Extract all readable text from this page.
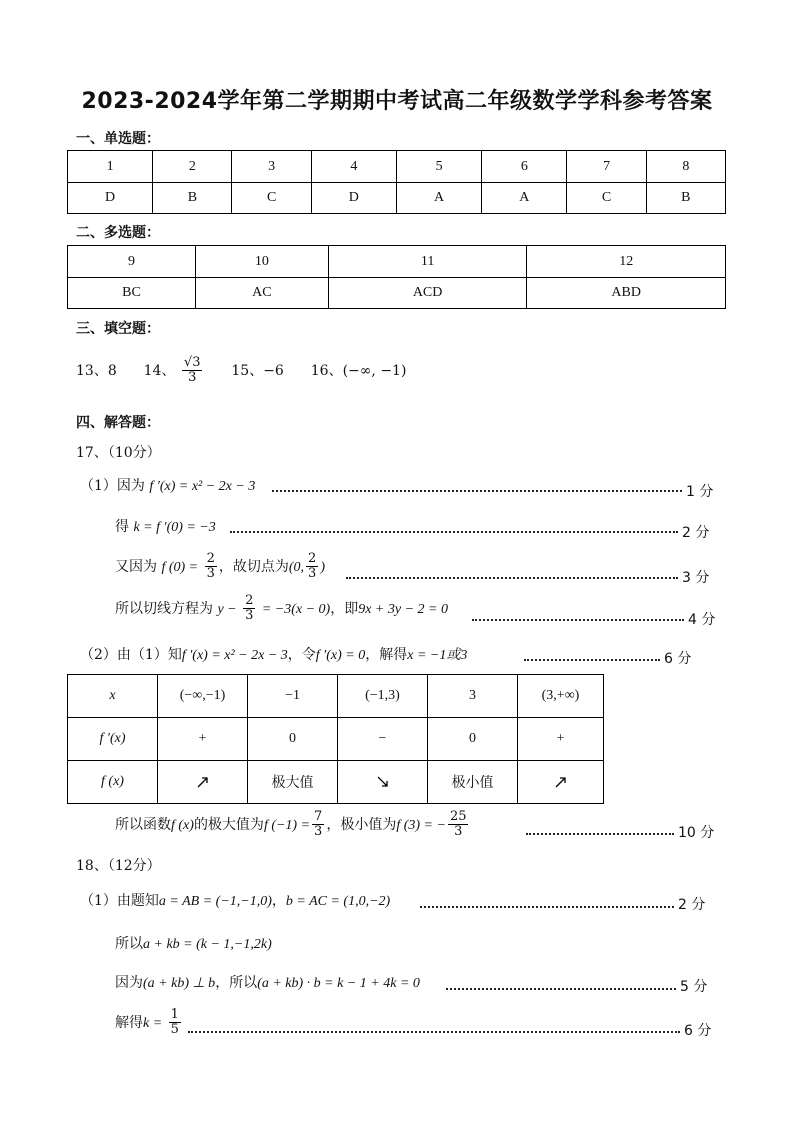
2023-2024学年第二学期期中考试高二年级数学学科参考答案
一、单选题：
1	2	3	4	5	6	7	8
D	B	C	D	A	A	C	B
二、多选题：
9	10	11	12
BC	AC	ACD	ABD
三、填空题：
13、8 14、 $\frac{√3}{3} 15$、−6 16、(−∞, −1)
四、解答题：
17、（10分）
（1）因为 f ′(x) = x² − 2x − 3	1 分
得 k = f ′(0) = −3	2 分
又因为 f $(0) = \frac{2}{3}$ ，故切点为(0, $\frac{2}{3}$ )
3 分
所以切线方程为 $y - \frac{2}{3} = -3(x - 0)$，即9x + 3y − 2 = 0
4 分
（2）由（1）知f ′(x) = x² − 2x − 3，令f ′(x) = 0，解得x = −1或3	6 分
x	(−∞,−1)	−1	(−1,3)	3	(3,+∞)
f ′(x)	+	0	−	0	+
f (x)		极大值		极小值	
所以函数f (x)的极大值为f $(-1) = \frac{7}{3}$ ，极小值为f (3) = − $\frac{25}{3}$	10 分
18、（12分）
（1）由题知a = AB = (−1,−1,0)，b = AC = (1,0,−2)	2 分
所以a + kb = (k − 1,−1,2k)
因为(a + kb) ⊥ b，所以(a + kb) · b = k − 1 + 4k = 0	5 分
解得$k = \frac{1}{5}$	6 分
